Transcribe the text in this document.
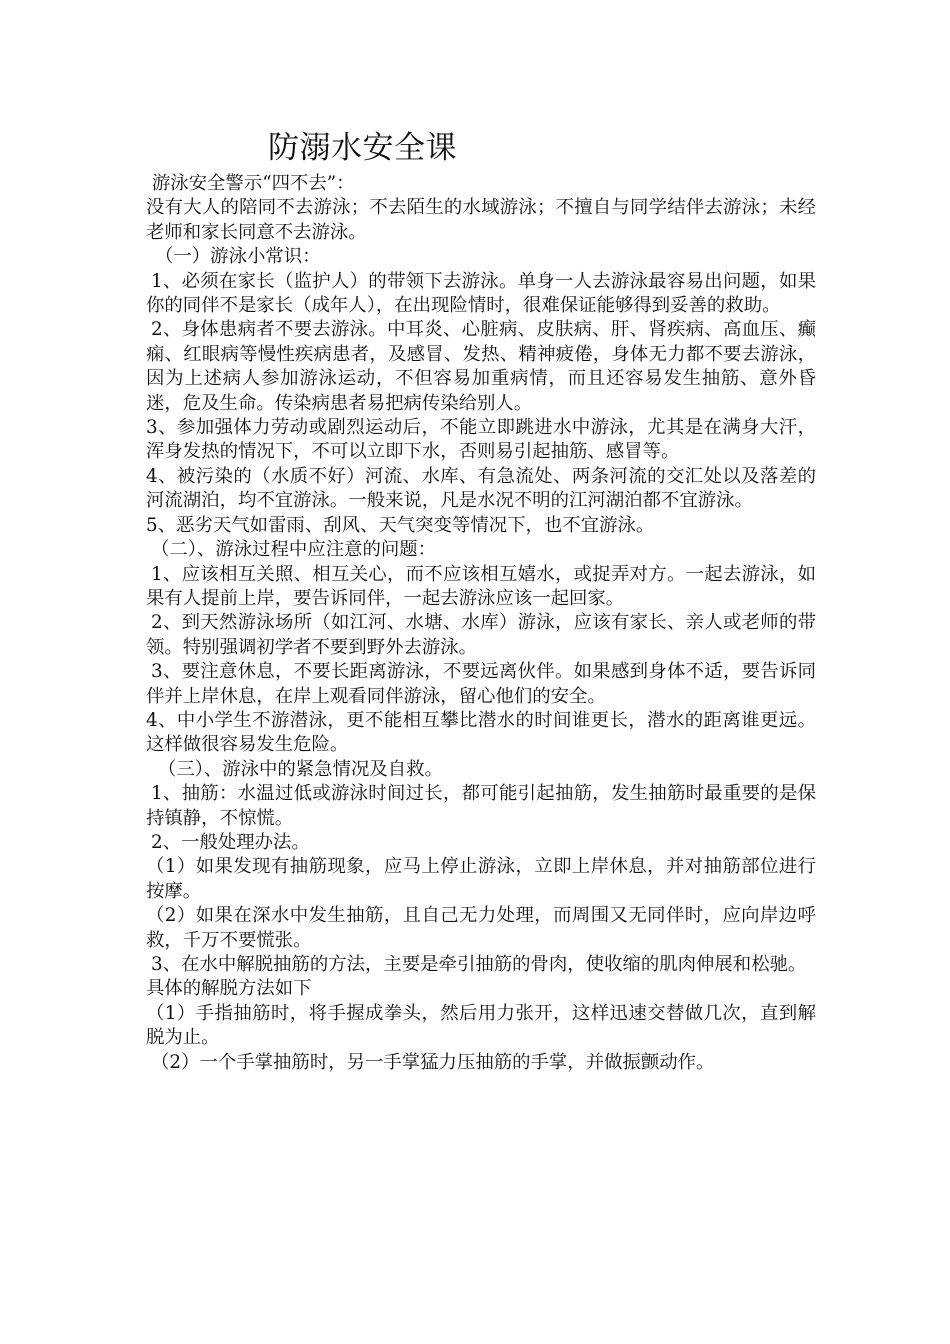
防溺水安全课

游泳安全警示“四不去”：

没有大人的陪同不去游泳；不去陌生的水域游泳；不擅自与同学结伴去游泳；未经老师和家长同意不去游泳。

（一）游泳小常识：

1、必须在家长（监护人）的带领下去游泳。单身一人去游泳最容易出问题，如果你的同伴不是家长（成年人），在出现险情时，很难保证能够得到妥善的救助。

2、身体患病者不要去游泳。中耳炎、心脏病、皮肤病、肝、肾疾病、高血压、癫痫、红眼病等慢性疾病患者，及感冒、发热、精神疲倦，身体无力都不要去游泳，因为上述病人参加游泳运动，不但容易加重病情，而且还容易发生抽筋、意外昏迷，危及生命。传染病患者易把病传染给别人。

3、参加强体力劳动或剧烈运动后，不能立即跳进水中游泳，尤其是在满身大汗，浑身发热的情况下，不可以立即下水，否则易引起抽筋、感冒等。

4、被污染的（水质不好）河流、水库、有急流处、两条河流的交汇处以及落差的河流湖泊，均不宜游泳。一般来说，凡是水况不明的江河湖泊都不宜游泳。

5、恶劣天气如雷雨、刮风、天气突变等情况下，也不宜游泳。

（二）、游泳过程中应注意的问题：

1、应该相互关照、相互关心，而不应该相互嬉水，或捉弄对方。一起去游泳，如果有人提前上岸，要告诉同伴，一起去游泳应该一起回家。

2、到天然游泳场所（如江河、水塘、水库）游泳，应该有家长、亲人或老师的带领。特别强调初学者不要到野外去游泳。

3、要注意休息，不要长距离游泳，不要远离伙伴。如果感到身体不适，要告诉同伴并上岸休息，在岸上观看同伴游泳，留心他们的安全。

4、中小学生不游潜泳，更不能相互攀比潜水的时间谁更长，潜水的距离谁更远。这样做很容易发生危险。

（三）、游泳中的紧急情况及自救。

1、抽筋：水温过低或游泳时间过长，都可能引起抽筋，发生抽筋时最重要的是保持镇静，不惊慌。

2、一般处理办法。

（1）如果发现有抽筋现象，应马上停止游泳，立即上岸休息，并对抽筋部位进行按摩。

（2）如果在深水中发生抽筋，且自己无力处理，而周围又无同伴时，应向岸边呼救，千万不要慌张。

3、在水中解脱抽筋的方法，主要是牵引抽筋的骨肉，使收缩的肌肉伸展和松驰。

具体的解脱方法如下

（1）手指抽筋时，将手握成拳头，然后用力张开，这样迅速交替做几次，直到解脱为止。

（2）一个手掌抽筋时，另一手掌猛力压抽筋的手掌，并做振颤动作。
